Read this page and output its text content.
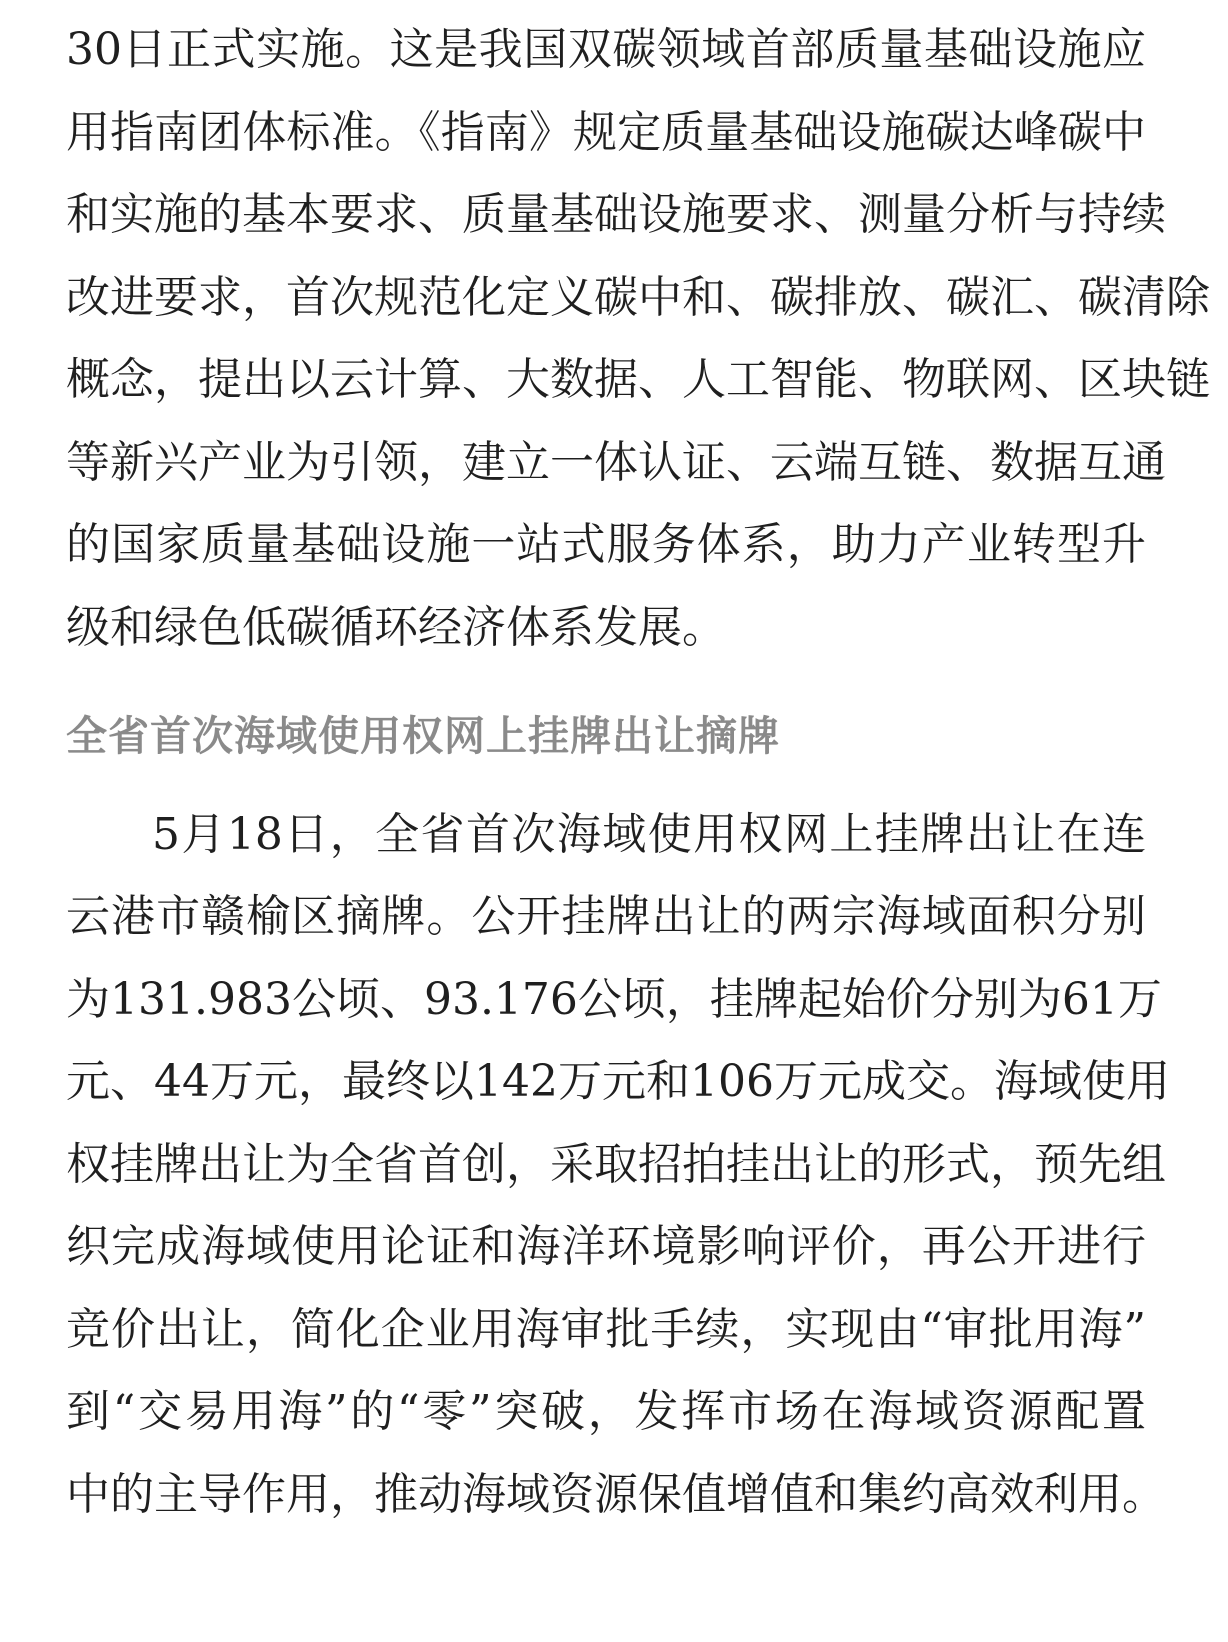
30日正式实施。这是我国双碳领域首部质量基础设施应
用指南团体标准。《指南》规定质量基础设施碳达峰碳中
和实施的基本要求、质量基础设施要求、测量分析与持续
改进要求，首次规范化定义碳中和、碳排放、碳汇、碳清除
概念，提出以云计算、大数据、人工智能、物联网、区块链
等新兴产业为引领，建立一体认证、云端互链、数据互通
的国家质量基础设施一站式服务体系，助力产业转型升
级和绿色低碳循环经济体系发展。
全省首次海域使用权网上挂牌出让摘牌
5月18日，全省首次海域使用权网上挂牌出让在连
云港市赣榆区摘牌。公开挂牌出让的两宗海域面积分别
为131.983公顷、93.176公顷，挂牌起始价分别为61万
元、44万元，最终以142万元和106万元成交。海域使用
权挂牌出让为全省首创，采取招拍挂出让的形式，预先组
织完成海域使用论证和海洋环境影响评价，再公开进行
竞价出让，简化企业用海审批手续，实现由“审批用海”
到“交易用海”的“零”突破，发挥市场在海域资源配置
中的主导作用，推动海域资源保值增值和集约高效利用。
